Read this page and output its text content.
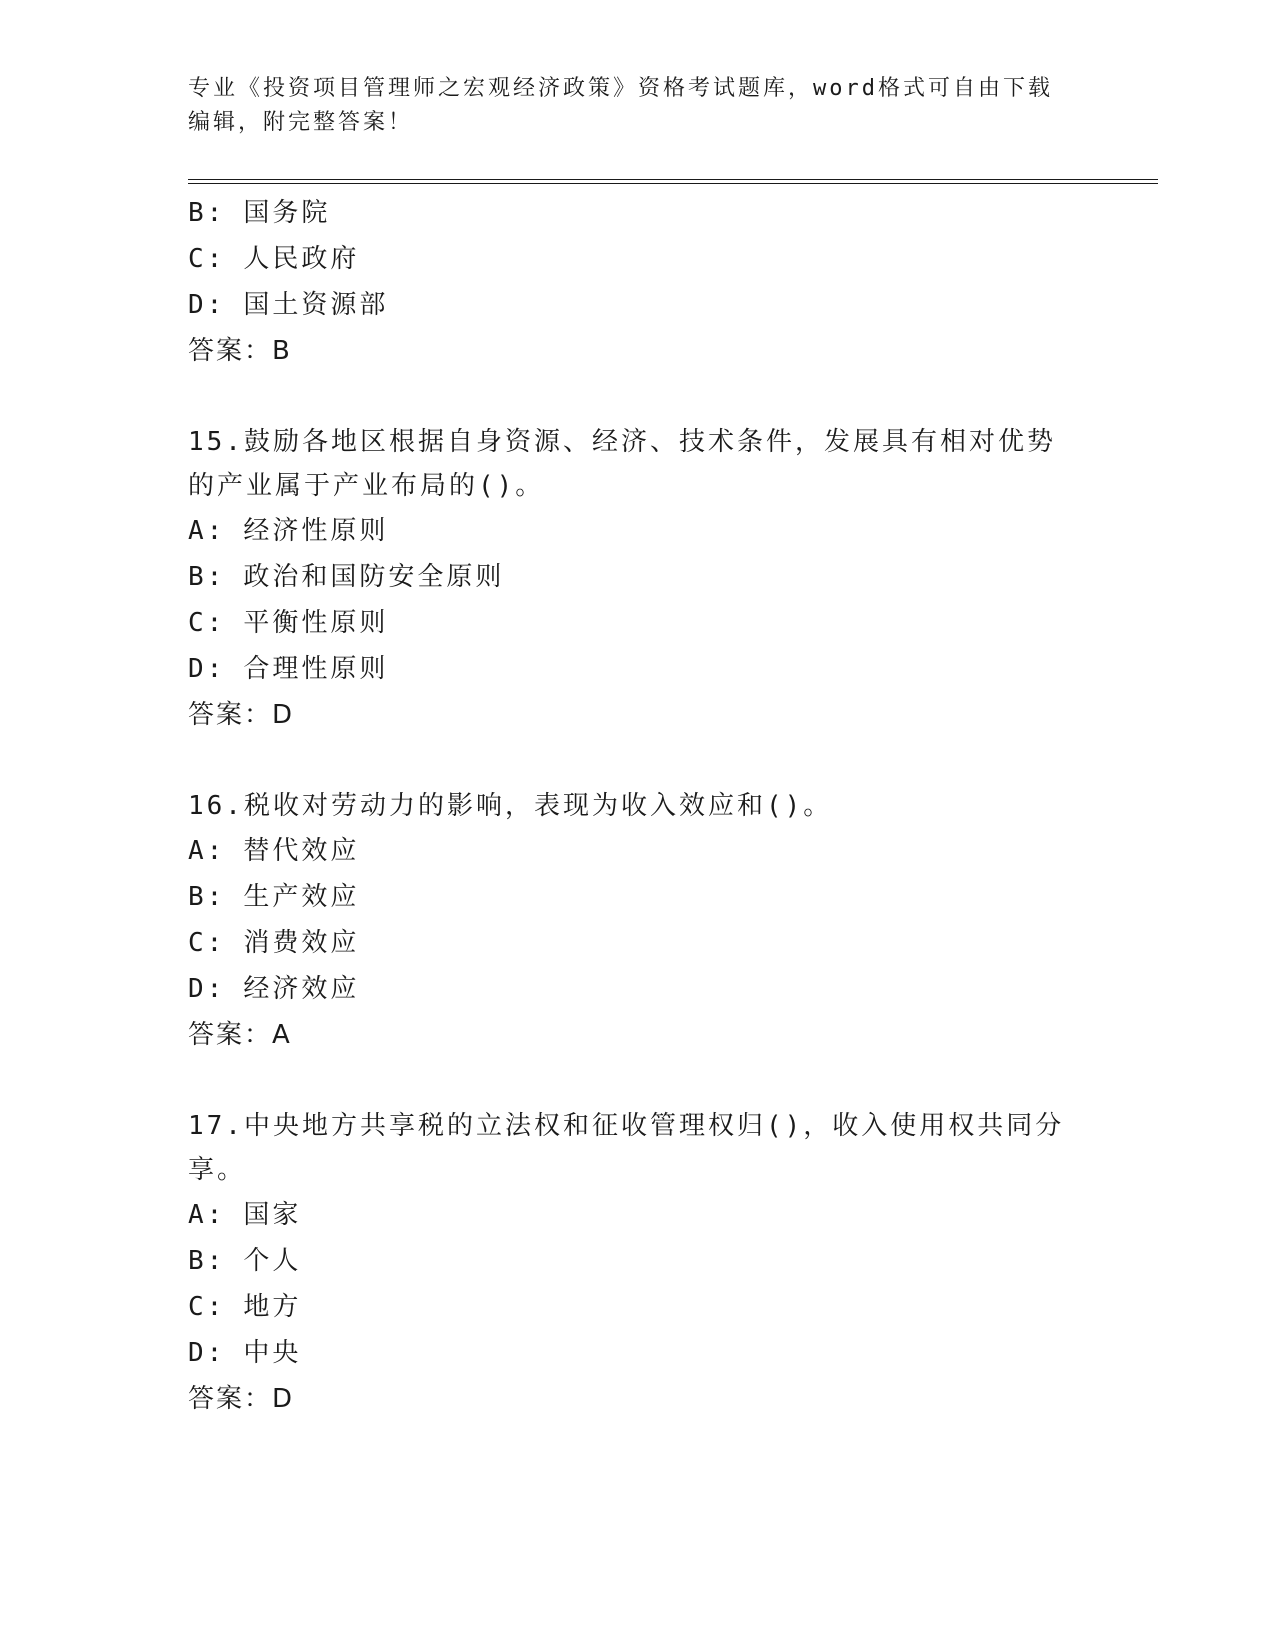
专业《投资项目管理师之宏观经济政策》资格考试题库，word格式可自由下载编辑，附完整答案！
B: 国务院
C: 人民政府
D: 国土资源部
答案：B
15.鼓励各地区根据自身资源、经济、技术条件，发展具有相对优势的产业属于产业布局的()。
A: 经济性原则
B: 政治和国防安全原则
C: 平衡性原则
D: 合理性原则
答案：D
16.税收对劳动力的影响，表现为收入效应和()。
A: 替代效应
B: 生产效应
C: 消费效应
D: 经济效应
答案：A
17.中央地方共享税的立法权和征收管理权归()，收入使用权共同分享。
A: 国家
B: 个人
C: 地方
D: 中央
答案：D
